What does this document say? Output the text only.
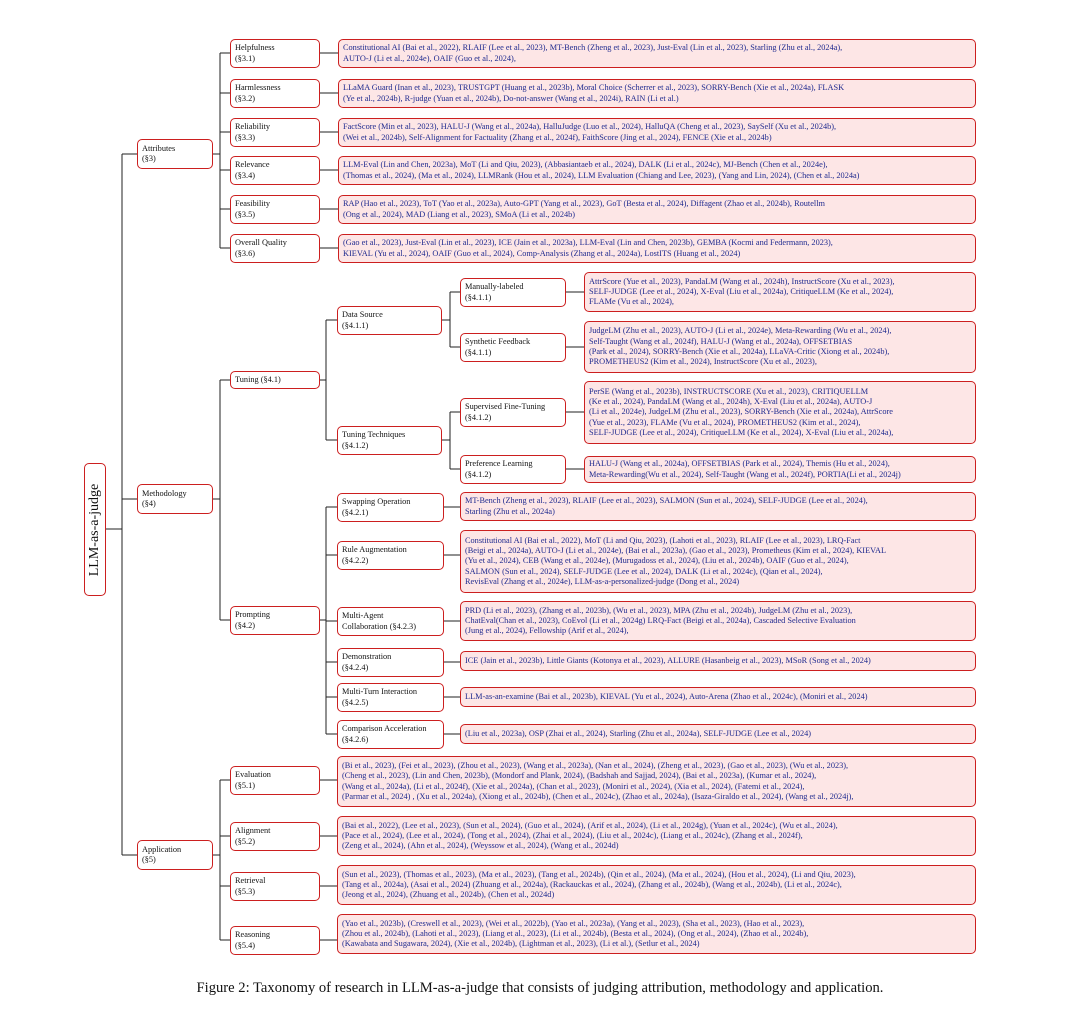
LLM-as-a-judge
Attributes
(§3)
Methodology
(§4)
Application
(§5)
Helpfulness
(§3.1)
Constitutional AI (Bai et al., 2022), RLAIF (Lee et al., 2023), MT-Bench (Zheng et al., 2023), Just-Eval (Lin et al., 2023), Starling (Zhu et al., 2024a),
AUTO-J (Li et al., 2024e), OAIF (Guo et al., 2024),
Harmlessness
(§3.2)
LLaMA Guard (Inan et al., 2023), TRUSTGPT (Huang et al., 2023b), Moral Choice (Scherrer et al., 2023), SORRY-Bench (Xie et al., 2024a), FLASK
(Ye et al., 2024b), R-judge (Yuan et al., 2024b), Do-not-answer (Wang et al., 2024i), RAIN (Li et al.)
Reliability
(§3.3)
FactScore (Min et al., 2023), HALU-J (Wang et al., 2024a), HalluJudge (Luo et al., 2024), HalluQA (Cheng et al., 2023), SaySelf (Xu et al., 2024b),
(Wei et al., 2024b), Self-Alignment for Factuality (Zhang et al., 2024f), FaithScore (Jing et al., 2024), FENCE (Xie et al., 2024b)
Relevance
(§3.4)
LLM-Eval (Lin and Chen, 2023a), MoT (Li and Qiu, 2023), (Abbasiantaeb et al., 2024), DALK (Li et al., 2024c), MJ-Bench (Chen et al., 2024e),
(Thomas et al., 2024), (Ma et al., 2024), LLMRank (Hou et al., 2024), LLM Evaluation (Chiang and Lee, 2023), (Yang and Lin, 2024), (Chen et al., 2024a)
Feasibility
(§3.5)
RAP (Hao et al., 2023), ToT (Yao et al., 2023a), Auto-GPT (Yang et al., 2023), GoT (Besta et al., 2024), Diffagent (Zhao et al., 2024b), Routellm
(Ong et al., 2024), MAD (Liang et al., 2023), SMoA (Li et al., 2024b)
Overall Quality
(§3.6)
(Gao et al., 2023), Just-Eval (Lin et al., 2023), ICE (Jain et al., 2023a), LLM-Eval (Lin and Chen, 2023b), GEMBA (Kocmi and Federmann, 2023),
KIEVAL (Yu et al., 2024), OAIF (Guo et al., 2024), Comp-Analysis (Zhang et al., 2024a), LostITS (Huang et al., 2024)
Tuning (§4.1)
Data Source
(§4.1.1)
Manually-labeled
(§4.1.1)
AttrScore (Yue et al., 2023), PandaLM (Wang et al., 2024h), InstructScore (Xu et al., 2023),
SELF-JUDGE (Lee et al., 2024), X-Eval (Liu et al., 2024a), CritiqueLLM (Ke et al., 2024),
FLAMe (Vu et al., 2024),
Synthetic Feedback
(§4.1.1)
JudgeLM (Zhu et al., 2023), AUTO-J (Li et al., 2024e), Meta-Rewarding (Wu et al., 2024),
Self-Taught (Wang et al., 2024f), HALU-J (Wang et al., 2024a), OFFSETBIAS
(Park et al., 2024), SORRY-Bench (Xie et al., 2024a), LLaVA-Critic (Xiong et al., 2024b),
PROMETHEUS2 (Kim et al., 2024), InstructScore (Xu et al., 2023),
Tuning Techniques
(§4.1.2)
Supervised Fine-Tuning
(§4.1.2)
PerSE (Wang et al., 2023b), INSTRUCTSCORE (Xu et al., 2023), CRITIQUELLM
(Ke et al., 2024), PandaLM (Wang et al., 2024h), X-Eval (Liu et al., 2024a), AUTO-J
(Li et al., 2024e), JudgeLM (Zhu et al., 2023), SORRY-Bench (Xie et al., 2024a), AttrScore
(Yue et al., 2023), FLAMe (Vu et al., 2024), PROMETHEUS2 (Kim et al., 2024),
SELF-JUDGE (Lee et al., 2024), CritiqueLLM (Ke et al., 2024), X-Eval (Liu et al., 2024a),
Preference Learning
(§4.1.2)
HALU-J (Wang et al., 2024a), OFFSETBIAS (Park et al., 2024), Themis (Hu et al., 2024),
Meta-Rewarding(Wu et al., 2024), Self-Taught (Wang et al., 2024f), PORTIA(Li et al., 2024j)
Prompting
(§4.2)
Swapping Operation
(§4.2.1)
MT-Bench (Zheng et al., 2023), RLAIF (Lee et al., 2023), SALMON (Sun et al., 2024), SELF-JUDGE (Lee et al., 2024),
Starling (Zhu et al., 2024a)
Rule Augmentation
(§4.2.2)
Constitutional AI (Bai et al., 2022), MoT (Li and Qiu, 2023), (Lahoti et al., 2023), RLAIF (Lee et al., 2023), LRQ-Fact
(Beigi et al., 2024a), AUTO-J (Li et al., 2024e), (Bai et al., 2023a), (Gao et al., 2023), Prometheus (Kim et al., 2024), KIEVAL
(Yu et al., 2024), CEB (Wang et al., 2024e), (Murugadoss et al., 2024), (Liu et al., 2024b), OAIF (Guo et al., 2024),
SALMON (Sun et al., 2024), SELF-JUDGE (Lee et al., 2024), DALK (Li et al., 2024c), (Qian et al., 2024),
RevisEval (Zhang et al., 2024e), LLM-as-a-personalized-judge (Dong et al., 2024)
Multi-Agent
Collaboration (§4.2.3)
PRD (Li et al., 2023), (Zhang et al., 2023b), (Wu et al., 2023), MPA (Zhu et al., 2024b), JudgeLM (Zhu et al., 2023),
ChatEval(Chan et al., 2023), CoEvol (Li et al., 2024g) LRQ-Fact (Beigi et al., 2024a), Cascaded Selective Evaluation
(Jung et al., 2024), Fellowship (Arif et al., 2024),
Demonstration
(§4.2.4)
ICE (Jain et al., 2023b), Little Giants (Kotonya et al., 2023), ALLURE (Hasanbeig et al., 2023), MSoR (Song et al., 2024)
Multi-Turn Interaction
(§4.2.5)
LLM-as-an-examine (Bai et al., 2023b), KIEVAL (Yu et al., 2024), Auto-Arena (Zhao et al., 2024c), (Moniri et al., 2024)
Comparison Acceleration
(§4.2.6)
(Liu et al., 2023a), OSP (Zhai et al., 2024), Starling (Zhu et al., 2024a), SELF-JUDGE (Lee et al., 2024)
Evaluation
(§5.1)
(Bi et al., 2023), (Fei et al., 2023), (Zhou et al., 2023), (Wang et al., 2023a), (Nan et al., 2024), (Zheng et al., 2023), (Gao et al., 2023), (Wu et al., 2023),
(Cheng et al., 2023), (Lin and Chen, 2023b), (Mondorf and Plank, 2024), (Badshah and Sajjad, 2024), (Bai et al., 2023a), (Kumar et al., 2024),
(Wang et al., 2024a), (Li et al., 2024f), (Xie et al., 2024a), (Chan et al., 2023), (Moniri et al., 2024), (Xia et al., 2024), (Fatemi et al., 2024),
(Parmar et al., 2024) , (Xu et al., 2024a), (Xiong et al., 2024b), (Chen et al., 2024c), (Zhao et al., 2024a), (Isaza-Giraldo et al., 2024), (Wang et al., 2024j),
Alignment
(§5.2)
(Bai et al., 2022), (Lee et al., 2023), (Sun et al., 2024), (Guo et al., 2024), (Arif et al., 2024), (Li et al., 2024g), (Yuan et al., 2024c), (Wu et al., 2024),
(Pace et al., 2024), (Lee et al., 2024), (Tong et al., 2024), (Zhai et al., 2024), (Liu et al., 2024c), (Liang et al., 2024c), (Zhang et al., 2024f),
(Zeng et al., 2024), (Ahn et al., 2024), (Weyssow et al., 2024), (Wang et al., 2024d)
Retrieval
(§5.3)
(Sun et al., 2023), (Thomas et al., 2023), (Ma et al., 2023), (Tang et al., 2024b), (Qin et al., 2024), (Ma et al., 2024), (Hou et al., 2024), (Li and Qiu, 2023),
(Tang et al., 2024a), (Asai et al., 2024) (Zhuang et al., 2024a), (Rackauckas et al., 2024), (Zhang et al., 2024b), (Wang et al., 2024b), (Li et al., 2024c),
(Jeong et al., 2024), (Zhuang et al., 2024b), (Chen et al., 2024d)
Reasoning
(§5.4)
(Yao et al., 2023b), (Creswell et al., 2023), (Wei et al., 2022b), (Yao et al., 2023a), (Yang et al., 2023), (Sha et al., 2023), (Hao et al., 2023),
(Zhou et al., 2024b), (Lahoti et al., 2023), (Liang et al., 2023), (Li et al., 2024b), (Besta et al., 2024), (Ong et al., 2024), (Zhao et al., 2024b),
(Kawabata and Sugawara, 2024), (Xie et al., 2024b), (Lightman et al., 2023), (Li et al.), (Setlur et al., 2024)
Figure 2: Taxonomy of research in LLM-as-a-judge that consists of judging attribution, methodology and application.
